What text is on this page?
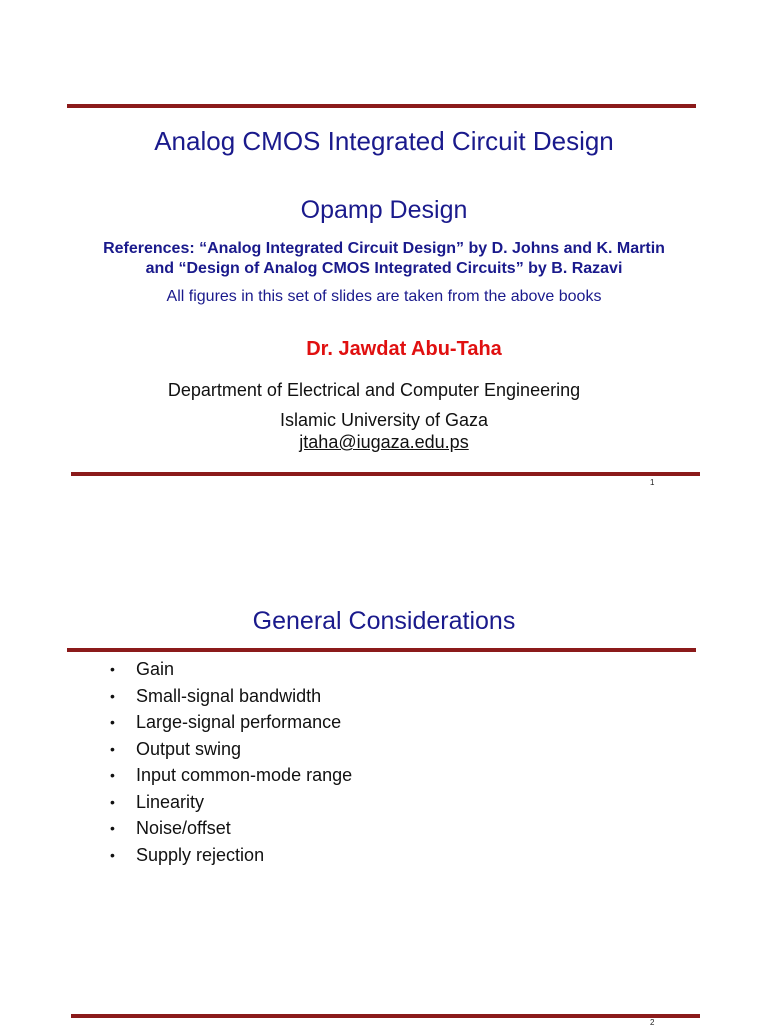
Analog CMOS Integrated Circuit Design
Opamp Design
References: “Analog Integrated Circuit Design” by D. Johns and K. Martin
and “Design of Analog CMOS Integrated Circuits” by B. Razavi
All figures in this set of slides are taken from the above books
Dr. Jawdat Abu-Taha
Department of Electrical and Computer Engineering
Islamic University of Gaza
jtaha@iugaza.edu.ps
1
General Considerations
• Gain
• Small-signal bandwidth
• Large-signal performance
• Output swing
• Input common-mode range
• Linearity
• Noise/offset
• Supply rejection
2
